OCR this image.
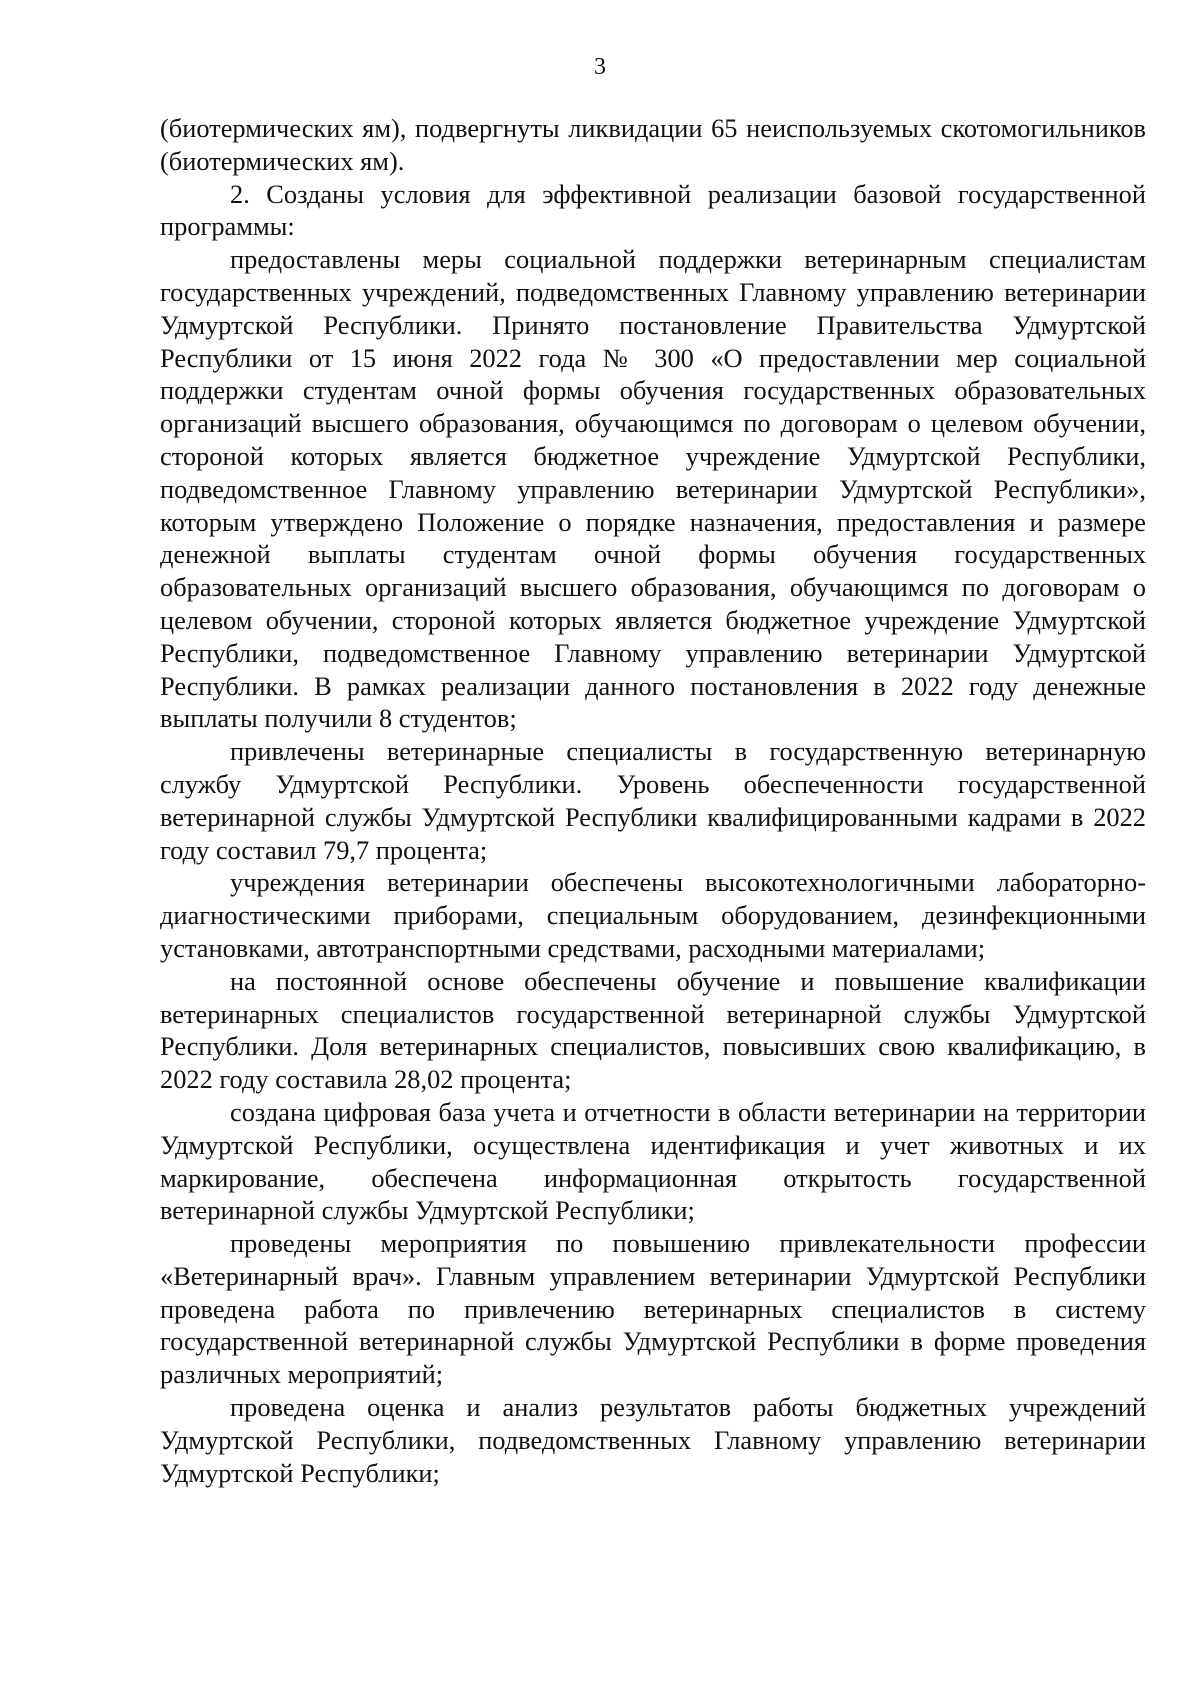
3

(биотермических ям), подвергнуты ликвидации 65 неиспользуемых скотомогильников (биотермических ям).

2. Созданы условия для эффективной реализации базовой государственной программы:

предоставлены меры социальной поддержки ветеринарным специалистам государственных учреждений, подведомственных Главному управлению ветеринарии Удмуртской Республики. Принято постановление Правительства Удмуртской Республики от 15 июня 2022 года № 300 «О предоставлении мер социальной поддержки студентам очной формы обучения государственных образовательных организаций высшего образования, обучающимся по договорам о целевом обучении, стороной которых является бюджетное учреждение Удмуртской Республики, подведомственное Главному управлению ветеринарии Удмуртской Республики», которым утверждено Положение о порядке назначения, предоставления и размере денежной выплаты студентам очной формы обучения государственных образовательных организаций высшего образования, обучающимся по договорам о целевом обучении, стороной которых является бюджетное учреждение Удмуртской Республики, подведомственное Главному управлению ветеринарии Удмуртской Республики. В рамках реализации данного постановления в 2022 году денежные выплаты получили 8 студентов;

привлечены ветеринарные специалисты в государственную ветеринарную службу Удмуртской Республики. Уровень обеспеченности государственной ветеринарной службы Удмуртской Республики квалифицированными кадрами в 2022 году составил 79,7 процента;

учреждения ветеринарии обеспечены высокотехнологичными лабораторно-диагностическими приборами, специальным оборудованием, дезинфекционными установками, автотранспортными средствами, расходными материалами;

на постоянной основе обеспечены обучение и повышение квалификации ветеринарных специалистов государственной ветеринарной службы Удмуртской Республики. Доля ветеринарных специалистов, повысивших свою квалификацию, в 2022 году составила 28,02 процента;

создана цифровая база учета и отчетности в области ветеринарии на территории Удмуртской Республики, осуществлена идентификация и учет животных и их маркирование, обеспечена информационная открытость государственной ветеринарной службы Удмуртской Республики;

проведены мероприятия по повышению привлекательности профессии «Ветеринарный врач». Главным управлением ветеринарии Удмуртской Республики проведена работа по привлечению ветеринарных специалистов в систему государственной ветеринарной службы Удмуртской Республики в форме проведения различных мероприятий;

проведена оценка и анализ результатов работы бюджетных учреждений Удмуртской Республики, подведомственных Главному управлению ветеринарии Удмуртской Республики;
